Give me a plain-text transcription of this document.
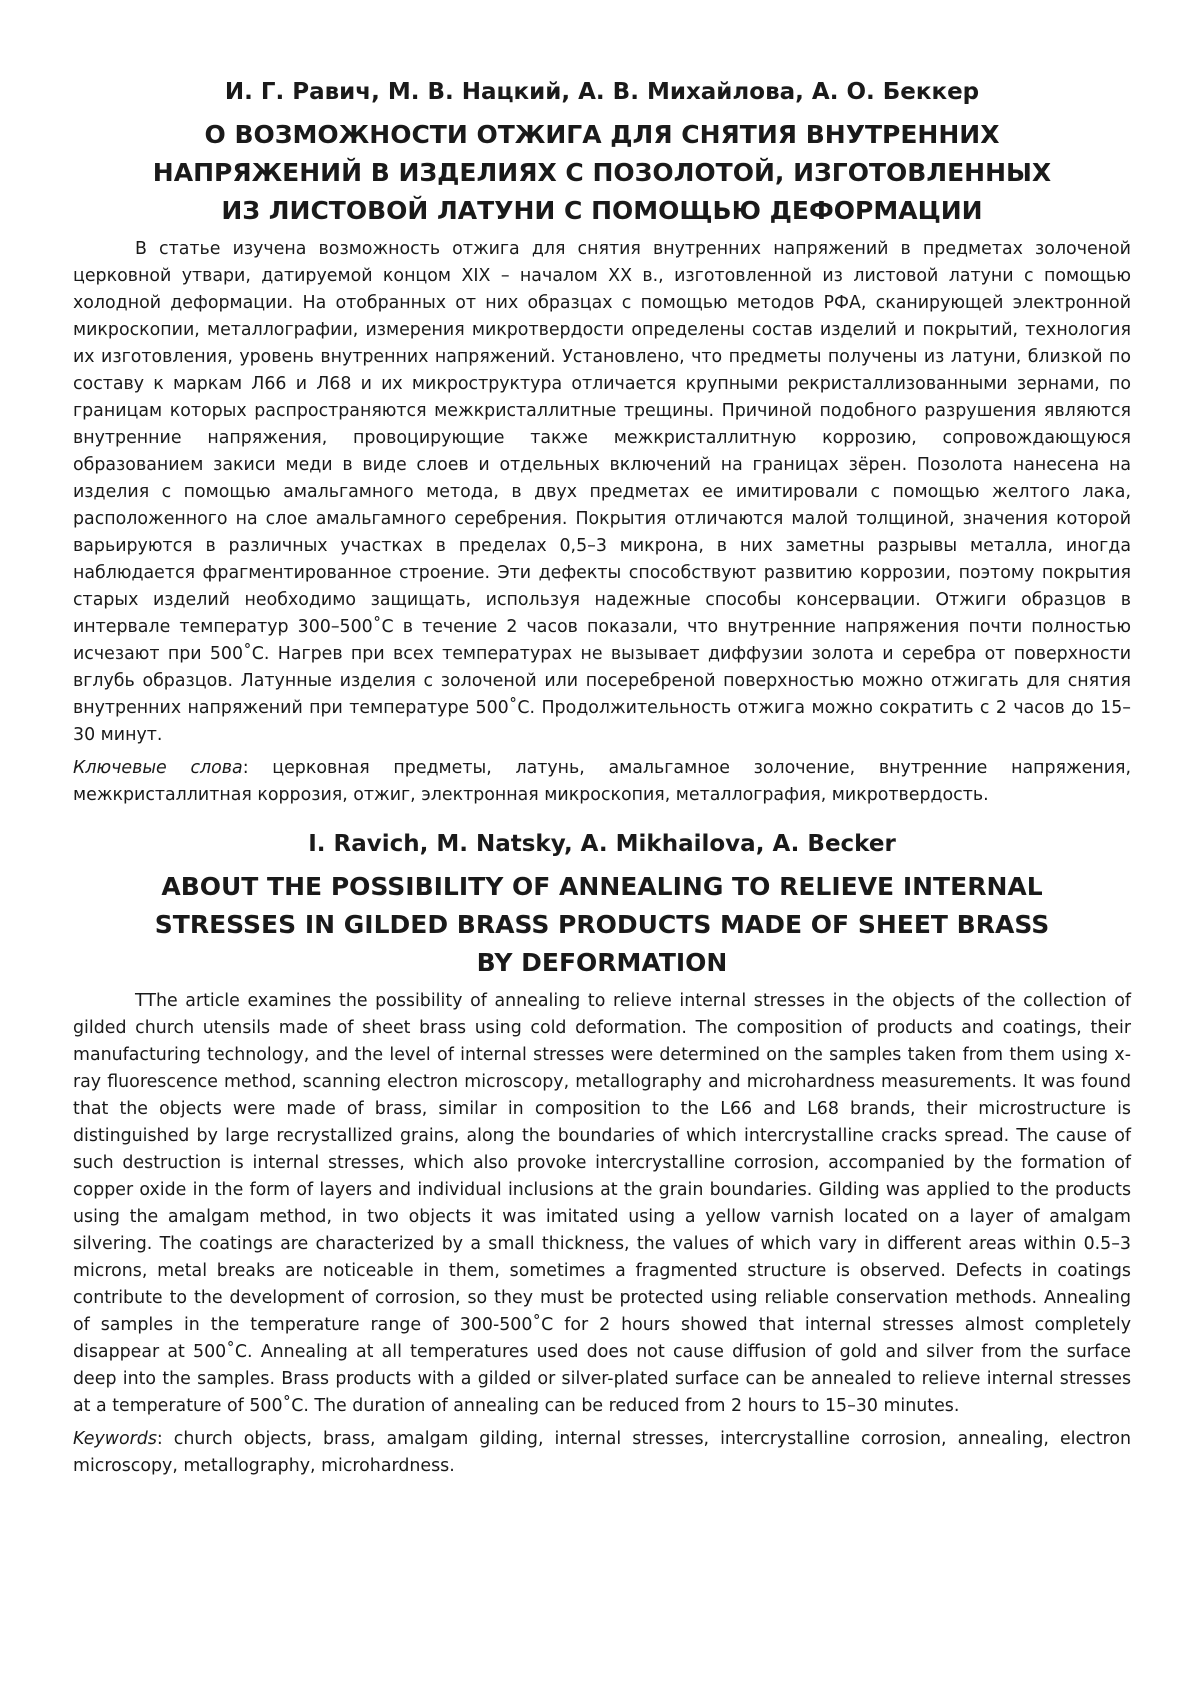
И. Г. Равич, М. В. Нацкий, А. В. Михайлова, А. О. Беккер
О ВОЗМОЖНОСТИ ОТЖИГА ДЛЯ СНЯТИЯ ВНУТРЕННИХ
НАПРЯЖЕНИЙ В ИЗДЕЛИЯХ С ПОЗОЛОТОЙ, ИЗГОТОВЛЕННЫХ
ИЗ ЛИСТОВОЙ ЛАТУНИ С ПОМОЩЬЮ ДЕФОРМАЦИИ

В статье изучена возможность отжига для снятия внутренних напряжений в предметах золоченой церковной утвари, датируемой концом XIX – началом XX в., изготовленной из листовой латуни с помощью холодной деформации. На отобранных от них образцах с помощью методов РФА, сканирующей электронной микроскопии, металлографии, измерения микротвердости определены состав изделий и покрытий, технология их изготовления, уровень внутренних напряжений. Установлено, что предметы получены из латуни, близкой по составу к маркам Л66 и Л68 и их микроструктура отличается крупными рекристаллизованными зернами, по границам которых распространяются межкристаллитные трещины. Причиной подобного разрушения являются внутренние напряжения, провоцирующие также межкристаллитную коррозию, сопровождающуюся образованием закиси меди в виде слоев и отдельных включений на границах зёрен. Позолота нанесена на изделия с помощью амальгамного метода, в двух предметах ее имитировали с помощью желтого лака, расположенного на слое амальгамного серебрения. Покрытия отличаются малой толщиной, значения которой варьируются в различных участках в пределах 0,5–3 микрона, в них заметны разрывы металла, иногда наблюдается фрагментированное строение. Эти дефекты способствуют развитию коррозии, поэтому покрытия старых изделий необходимо защищать, используя надежные способы консервации. Отжиги образцов в интервале температур 300–500˚С в течение 2 часов показали, что внутренние напряжения почти полностью исчезают при 500˚С. Нагрев при всех температурах не вызывает диффузии золота и серебра от поверхности вглубь образцов. Латунные изделия с золоченой или посеребреной поверхностью можно отжигать для снятия внутренних напряжений при температуре 500˚С. Продолжительность отжига можно сократить с 2 часов до 15–30 минут.

Ключевые слова: церковная предметы, латунь, амальгамное золочение, внутренние напряжения, межкристаллитная коррозия, отжиг, электронная микроскопия, металлография, микротвердость.

I. Ravich, M. Natsky, A. Mikhailova, A. Becker
ABOUT THE POSSIBILITY OF ANNEALING TO RELIEVE INTERNAL
STRESSES IN GILDED BRASS PRODUCTS MADE OF SHEET BRASS
BY DEFORMATION

TThe article examines the possibility of annealing to relieve internal stresses in the objects of the collection of gilded church utensils made of sheet brass using cold deformation. The composition of products and coatings, their manufacturing technology, and the level of internal stresses were determined on the samples taken from them using x-ray fluorescence method, scanning electron microscopy, metallography and microhardness measurements. It was found that the objects were made of brass, similar in composition to the L66 and L68 brands, their microstructure is distinguished by large recrystallized grains, along the boundaries of which intercrystalline cracks spread. The cause of such destruction is internal stresses, which also provoke intercrystalline corrosion, accompanied by the formation of copper oxide in the form of layers and individual inclusions at the grain boundaries. Gilding was applied to the products using the amalgam method, in two objects it was imitated using a yellow varnish located on a layer of amalgam silvering. The coatings are characterized by a small thickness, the values of which vary in different areas within 0.5–3 microns, metal breaks are noticeable in them, sometimes a fragmented structure is observed. Defects in coatings contribute to the development of corrosion, so they must be protected using reliable conservation methods. Annealing of samples in the temperature range of 300-500˚С for 2 hours showed that internal stresses almost completely disappear at 500˚С. Annealing at all temperatures used does not cause diffusion of gold and silver from the surface deep into the samples. Brass products with a gilded or silver-plated surface can be annealed to relieve internal stresses at a temperature of 500˚С. The duration of annealing can be reduced from 2 hours to 15–30 minutes.

Keywords: church objects, brass, amalgam gilding, internal stresses, intercrystalline corrosion, annealing, electron microscopy, metallography, microhardness.
